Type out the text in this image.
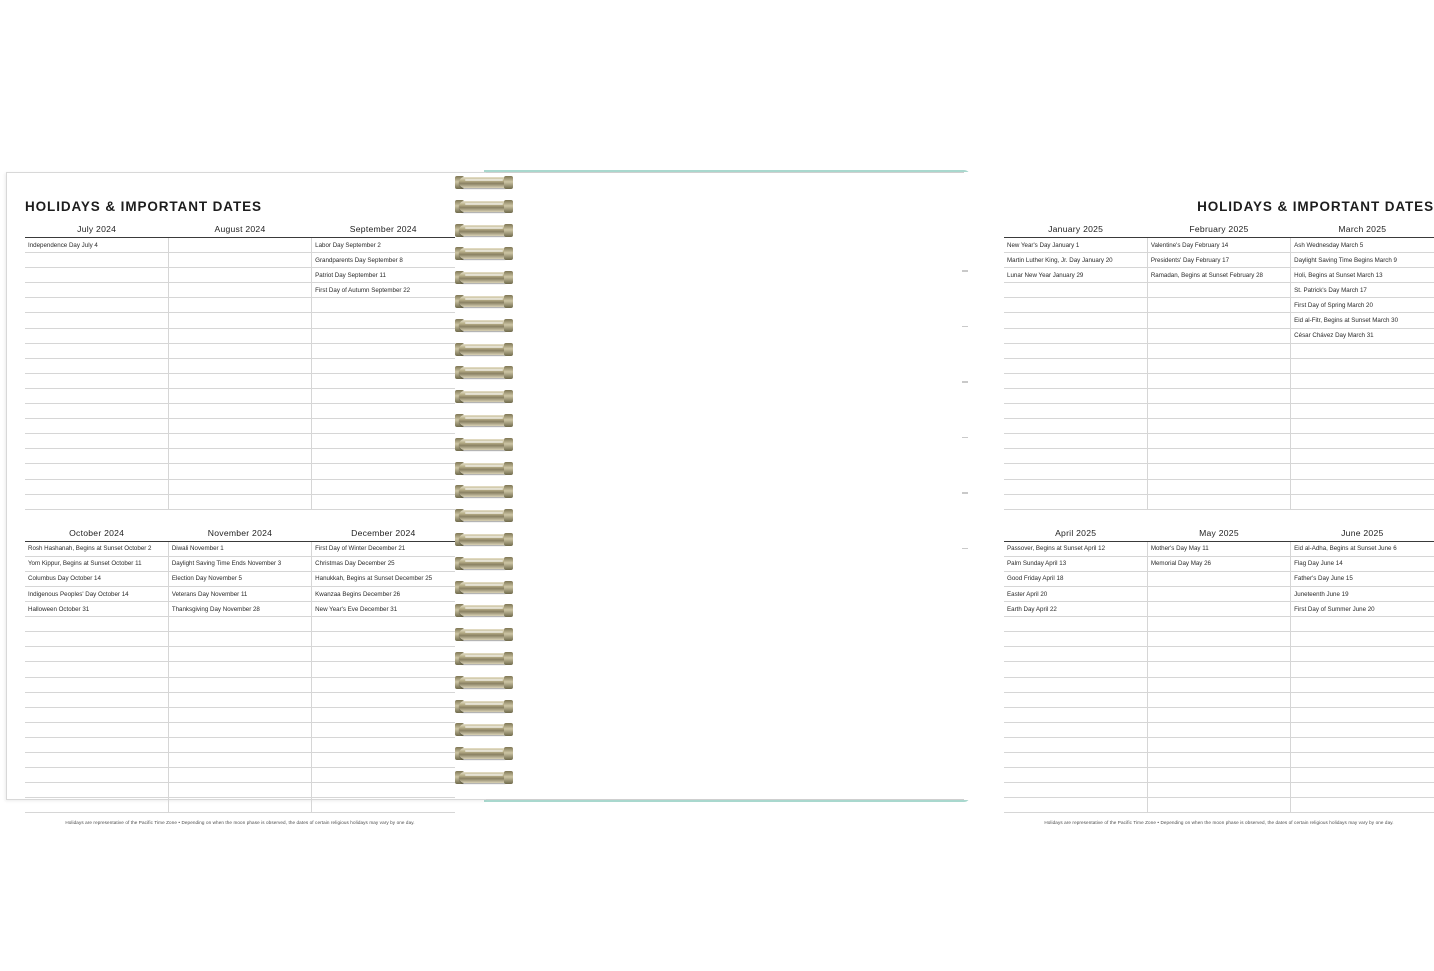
HOLIDAYS & IMPORTANT DATES
July 2024	August 2024	September 2024
Independence Day July 4		Labor Day September 2
		Grandparents Day September 8
		Patriot Day September 11
		First Day of Autumn September 22

October 2024	November 2024	December 2024
Rosh Hashanah, Begins at Sunset October 2	Diwali November 1	First Day of Winter December 21
Yom Kippur, Begins at Sunset October 11	Daylight Saving Time Ends November 3	Christmas Day December 25
Columbus Day October 14	Election Day November 5	Hanukkah, Begins at Sunset December 25
Indigenous Peoples' Day October 14	Veterans Day November 11	Kwanzaa Begins December 26
Halloween October 31	Thanksgiving Day November 28	New Year's Eve December 31

Holidays are representative of the Pacific Time Zone • Depending on when the moon phase is observed, the dates of certain religious holidays may vary by one day.
HOLIDAYS & IMPORTANT DATES
January 2025	February 2025	March 2025
New Year's Day January 1	Valentine's Day February 14	Ash Wednesday March 5
Martin Luther King, Jr. Day January 20	Presidents' Day February 17	Daylight Saving Time Begins March 9
Lunar New Year January 29	Ramadan, Begins at Sunset February 28	Holi, Begins at Sunset March 13
		St. Patrick's Day March 17
		First Day of Spring March 20
		Eid al-Fitr, Begins at Sunset March 30
		César Chávez Day March 31

April 2025	May 2025	June 2025
Passover, Begins at Sunset April 12	Mother's Day May 11	Eid al-Adha, Begins at Sunset June 6
Palm Sunday April 13	Memorial Day May 26	Flag Day June 14
Good Friday April 18		Father's Day June 15
Easter April 20		Juneteenth June 19
Earth Day April 22		First Day of Summer June 20

Holidays are representative of the Pacific Time Zone • Depending on when the moon phase is observed, the dates of certain religious holidays may vary by one day.
